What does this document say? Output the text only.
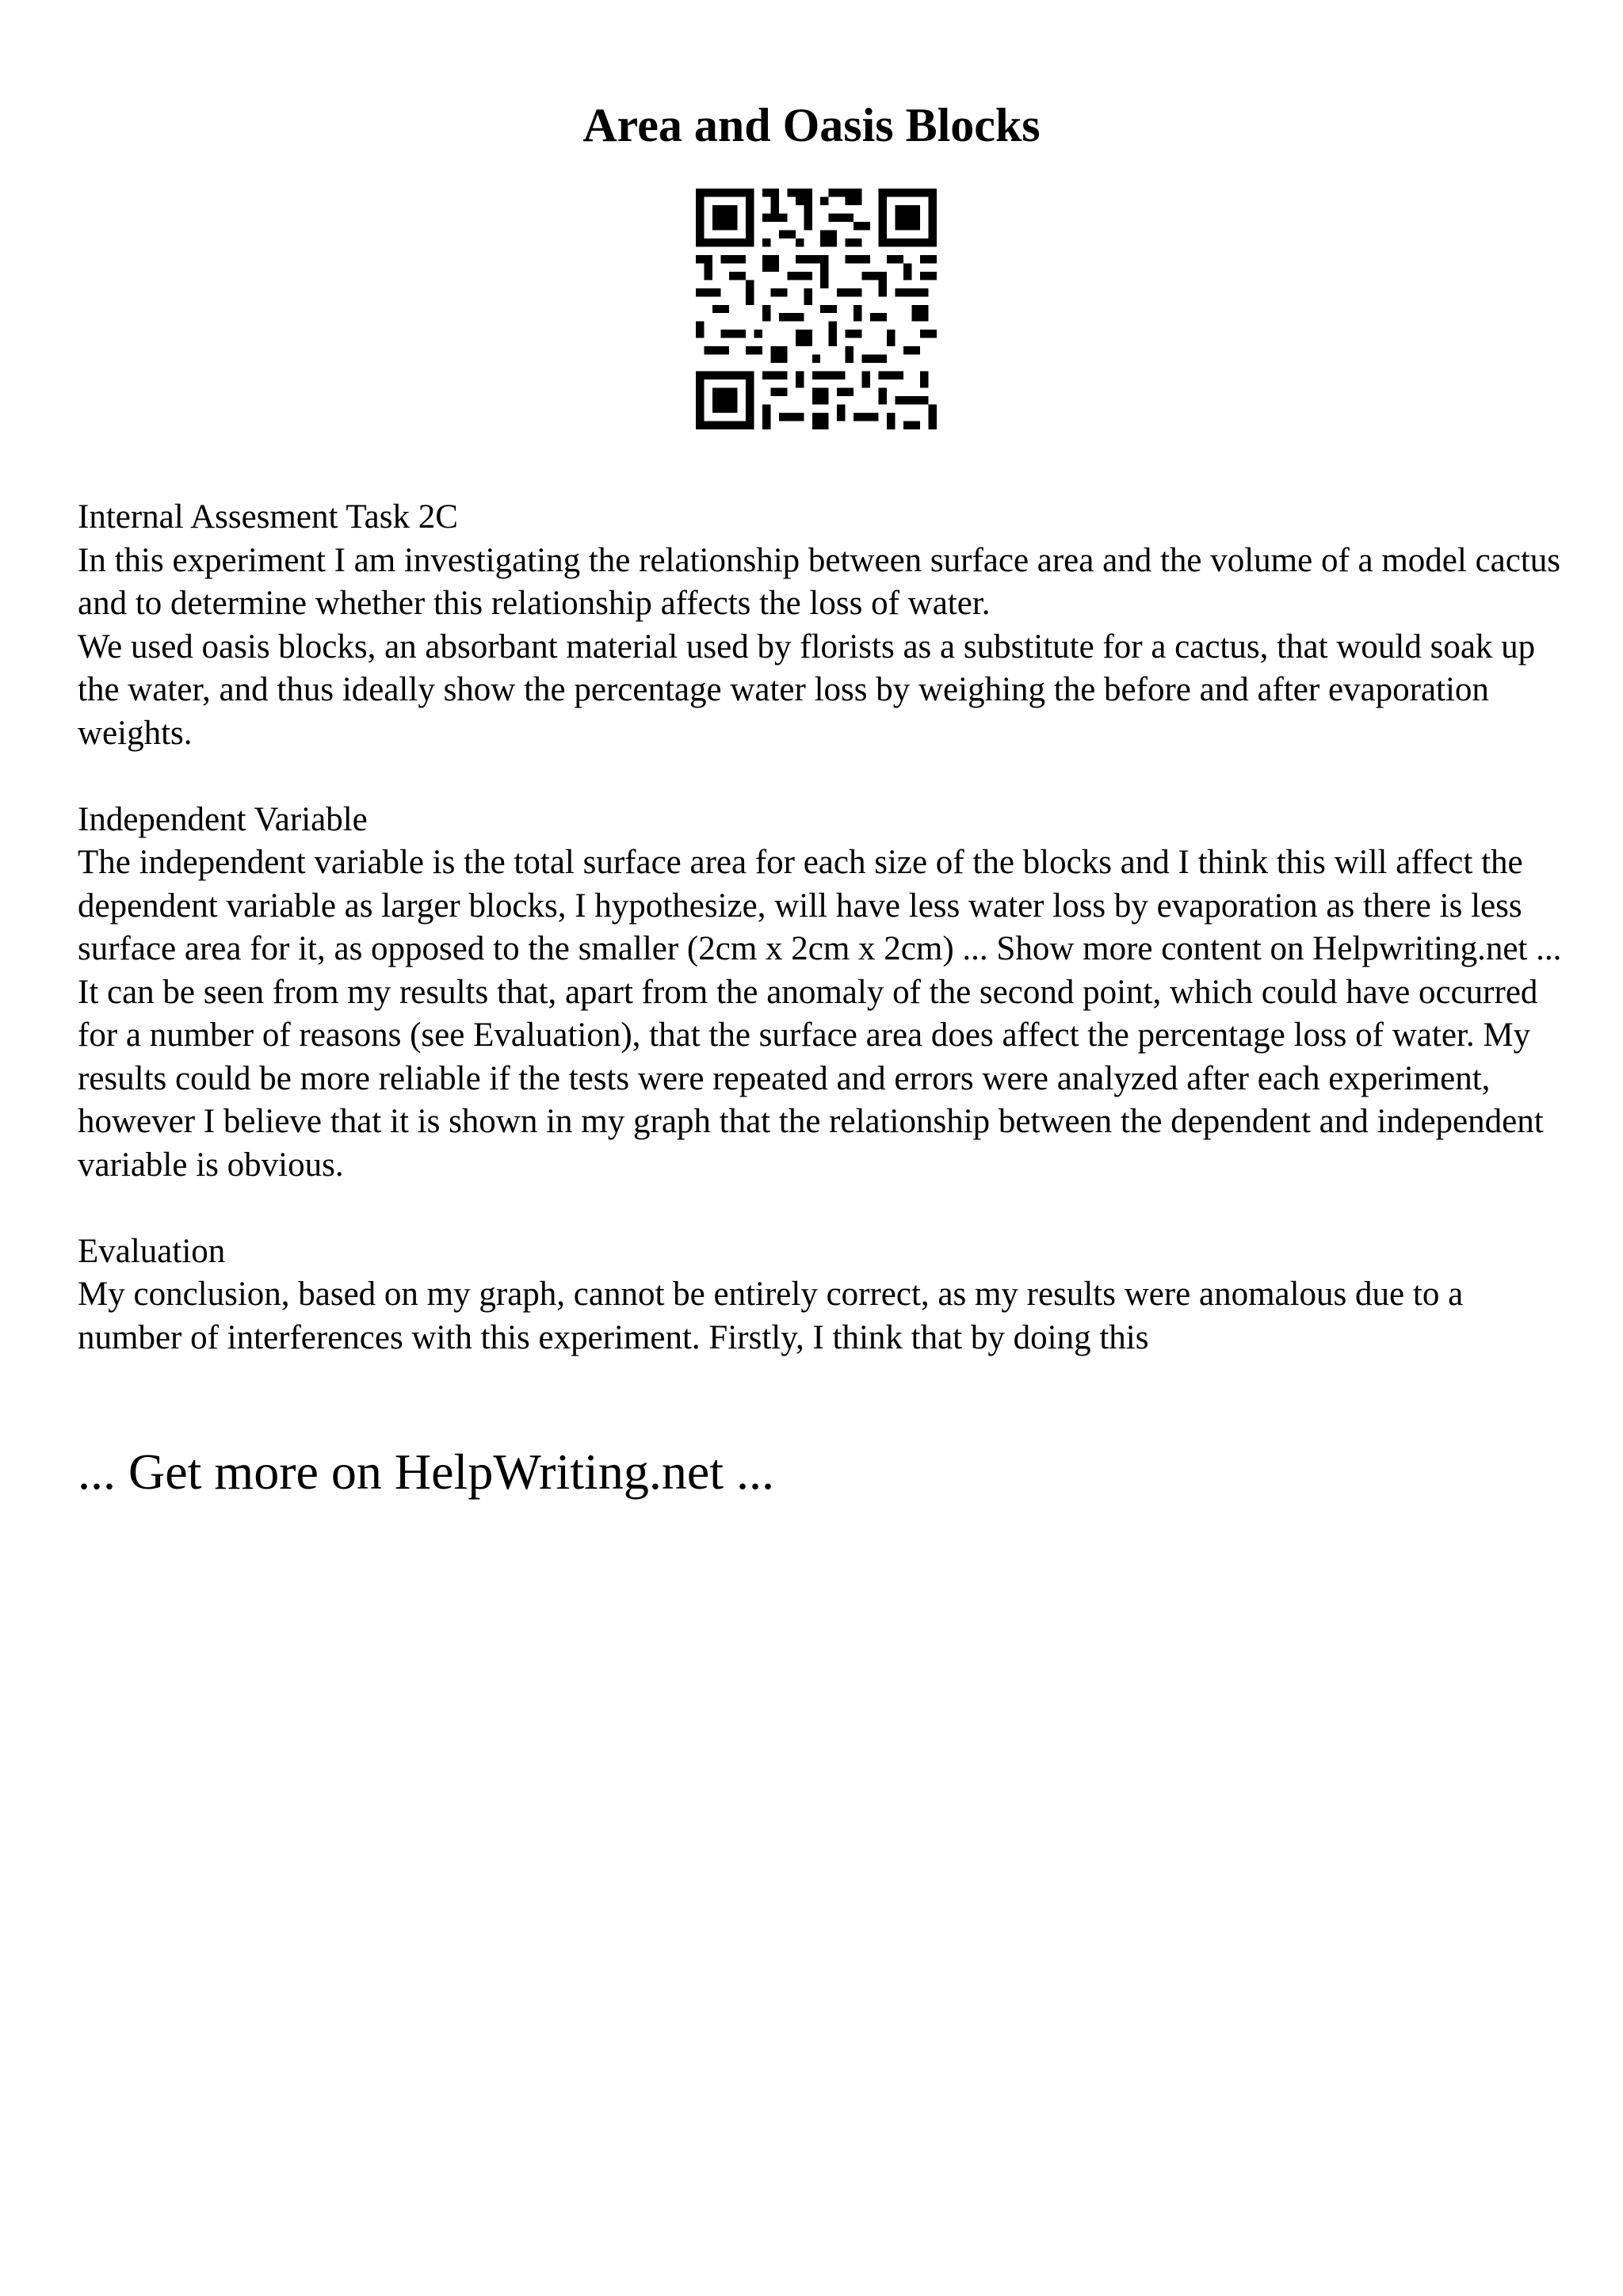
Area and Oasis Blocks

Internal Assesment Task 2C

In this experiment I am investigating the relationship between surface area and the volume of a model cactus and to determine whether this relationship affects the loss of water.

We used oasis blocks, an absorbant material used by florists as a substitute for a cactus, that would soak up the water, and thus ideally show the percentage water loss by weighing the before and after evaporation weights.

Independent Variable

The independent variable is the total surface area for each size of the blocks and I think this will affect the dependent variable as larger blocks, I hypothesize, will have less water loss by evaporation as there is less surface area for it, as opposed to the smaller (2cm x 2cm x 2cm) ... Show more content on Helpwriting.net ...

It can be seen from my results that, apart from the anomaly of the second point, which could have occurred for a number of reasons (see Evaluation), that the surface area does affect the percentage loss of water. My results could be more reliable if the tests were repeated and errors were analyzed after each experiment, however I believe that it is shown in my graph that the relationship between the dependent and independent variable is obvious.

Evaluation

My conclusion, based on my graph, cannot be entirely correct, as my results were anomalous due to a number of interferences with this experiment. Firstly, I think that by doing this

... Get more on HelpWriting.net ...
